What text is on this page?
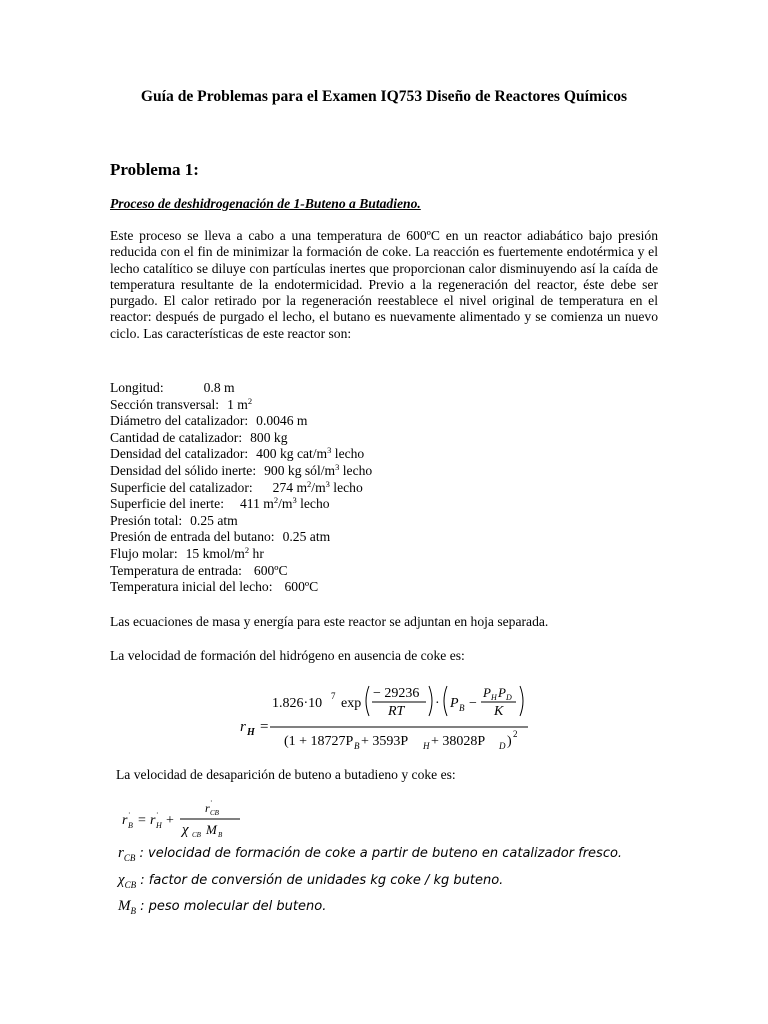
Guía de Problemas para el Examen IQ753 Diseño de Reactores Químicos
Problema 1:
Proceso de deshidrogenación de 1-Buteno a Butadieno.
Este proceso se lleva a cabo a una temperatura de 600ºC en un reactor adiabático bajo presión reducida con el fin de minimizar la formación de coke. La reacción es fuertemente endotérmica y el lecho catalítico se diluye con partículas inertes que proporcionan calor disminuyendo así la caída de temperatura resultante de la endotermicidad. Previo a la regeneración del reactor, éste debe ser purgado. El calor retirado por la regeneración reestablece el nivel original de temperatura en el reactor: después de purgado el lecho, el butano es nuevamente alimentado y se comienza un nuevo ciclo. Las características de este reactor son:
Longitud:	0.8 m
Sección transversal: 1 $m^2$
Diámetro del catalizador: 0.0046 m
Cantidad de catalizador: 800 kg
Densidad del catalizador: 400 kg cat/$m^3$ lecho
Densidad del sólido inerte: 900 kg sól/$m^3$ lecho
Superficie del catalizador: 274 $m^2/m^3$ lecho
Superficie del inerte: 411 $m^2/m^3$ lecho
Presión total: 0.25 atm
Presión de entrada del butano: 0.25 atm
Flujo molar: 15 kmol/$m^2$ hr
Temperatura de entrada: 600ºC
Temperatura inicial del lecho: 600ºC
Las ecuaciones de masa y energía para este reactor se adjuntan en hoja separada.
La velocidad de formación del hidrógeno en ausencia de coke es:
r H =
1.826·10 7 exp
− 29236
RT
· P B −
P H P D
K
(1 + 18727P B + 3593P H + 38028P D ) 2
La velocidad de desaparición de buteno a butadieno y coke es:
r B
· = r H
· +
r CB
·
χ CB M B
$r_{CB}$ : velocidad de formación de coke a partir de buteno en catalizador fresco.
$\chi_{CB}$ : factor de conversión de unidades kg coke / kg buteno.
$M_B$ : peso molecular del buteno.
